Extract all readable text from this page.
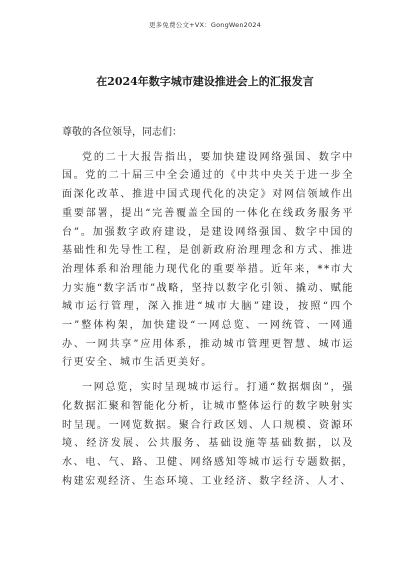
更多免费公文+VX：GongWen2024
在2024年数字城市建设推进会上的汇报发言

尊敬的各位领导，同志们：

党的二十大报告指出，要加快建设网络强国、数字中国。党的二十届三中全会通过的《中共中央关于进一步全面深化改革、推进中国式现代化的决定》对网信领域作出重要部署，提出“完善覆盖全国的一体化在线政务服务平台”。加强数字政府建设，是建设网络强国、数字中国的基础性和先导性工程，是创新政府治理理念和方式、推进治理体系和治理能力现代化的重要举措。近年来，**市大力实施“数字活市”战略，坚持以数字化引领、撬动、赋能城市运行管理，深入推进“城市大脑”建设，按照“四个一”整体构架，加快建设“一网总览、一网统管、一网通办、一网共享”应用体系，推动城市管理更智慧、城市运行更安全、城市生活更美好。

一网总览，实时呈现城市运行。打通“数据烟囱”，强化数据汇聚和智能化分析，让城市整体运行的数字映射实时呈现。一网览数据。聚合行政区划、人口规模、资源环境、经济发展、公共服务、基础设施等基础数据，以及水、电、气、路、卫健、网络感知等城市运行专题数据，构建宏观经济、生态环境、工业经济、数字经济、人才、
